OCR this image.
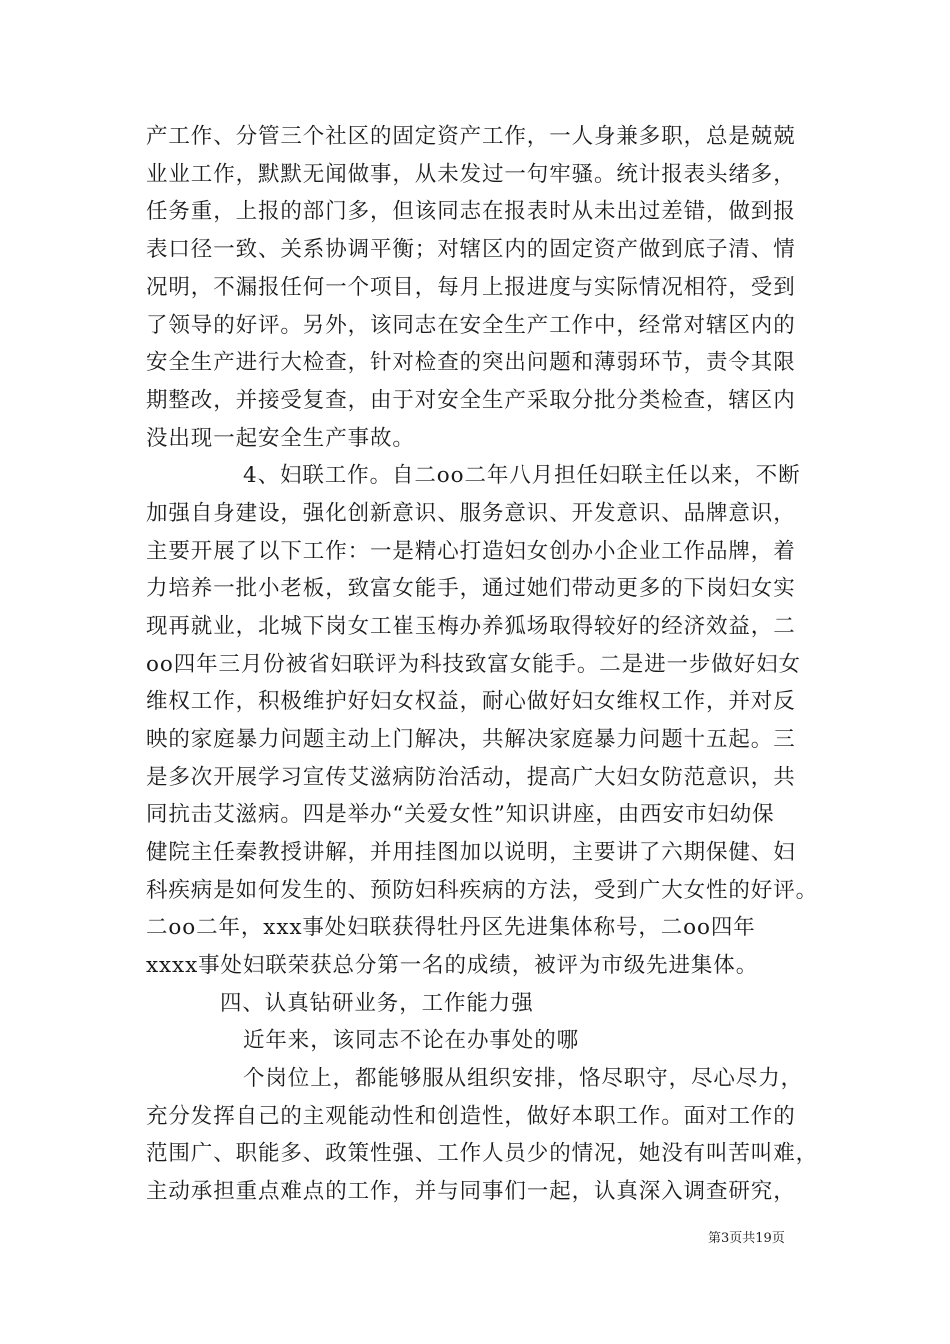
产工作、分管三个社区的固定资产工作，一人身兼多职，总是兢兢
业业工作，默默无闻做事，从未发过一句牢骚。统计报表头绪多，
任务重，上报的部门多，但该同志在报表时从未出过差错，做到报
表口径一致、关系协调平衡；对辖区内的固定资产做到底子清、情
况明，不漏报任何一个项目，每月上报进度与实际情况相符，受到
了领导的好评。另外，该同志在安全生产工作中，经常对辖区内的
安全生产进行大检查，针对检查的突出问题和薄弱环节，责令其限
期整改，并接受复查，由于对安全生产采取分批分类检查，辖区内
没出现一起安全生产事故。
4、妇联工作。自二oo二年八月担任妇联主任以来，不断
加强自身建设，强化创新意识、服务意识、开发意识、品牌意识，
主要开展了以下工作：一是精心打造妇女创办小企业工作品牌，着
力培养一批小老板，致富女能手，通过她们带动更多的下岗妇女实
现再就业，北城下岗女工崔玉梅办养狐场取得较好的经济效益，二
oo四年三月份被省妇联评为科技致富女能手。二是进一步做好妇女
维权工作，积极维护好妇女权益，耐心做好妇女维权工作，并对反
映的家庭暴力问题主动上门解决，共解决家庭暴力问题十五起。三
是多次开展学习宣传艾滋病防治活动，提高广大妇女防范意识，共
同抗击艾滋病。四是举办“关爱女性”知识讲座，由西安市妇幼保
健院主任秦教授讲解，并用挂图加以说明，主要讲了六期保健、妇
科疾病是如何发生的、预防妇科疾病的方法，受到广大女性的好评。
二oo二年，xxx事处妇联获得牡丹区先进集体称号，二oo四年
xxxx事处妇联荣获总分第一名的成绩，被评为市级先进集体。
四、认真钻研业务，工作能力强
近年来，该同志不论在办事处的哪
个岗位上，都能够服从组织安排，恪尽职守，尽心尽力，
充分发挥自己的主观能动性和创造性，做好本职工作。面对工作的
范围广、职能多、政策性强、工作人员少的情况，她没有叫苦叫难，
主动承担重点难点的工作，并与同事们一起，认真深入调查研究，
第3页共19页
